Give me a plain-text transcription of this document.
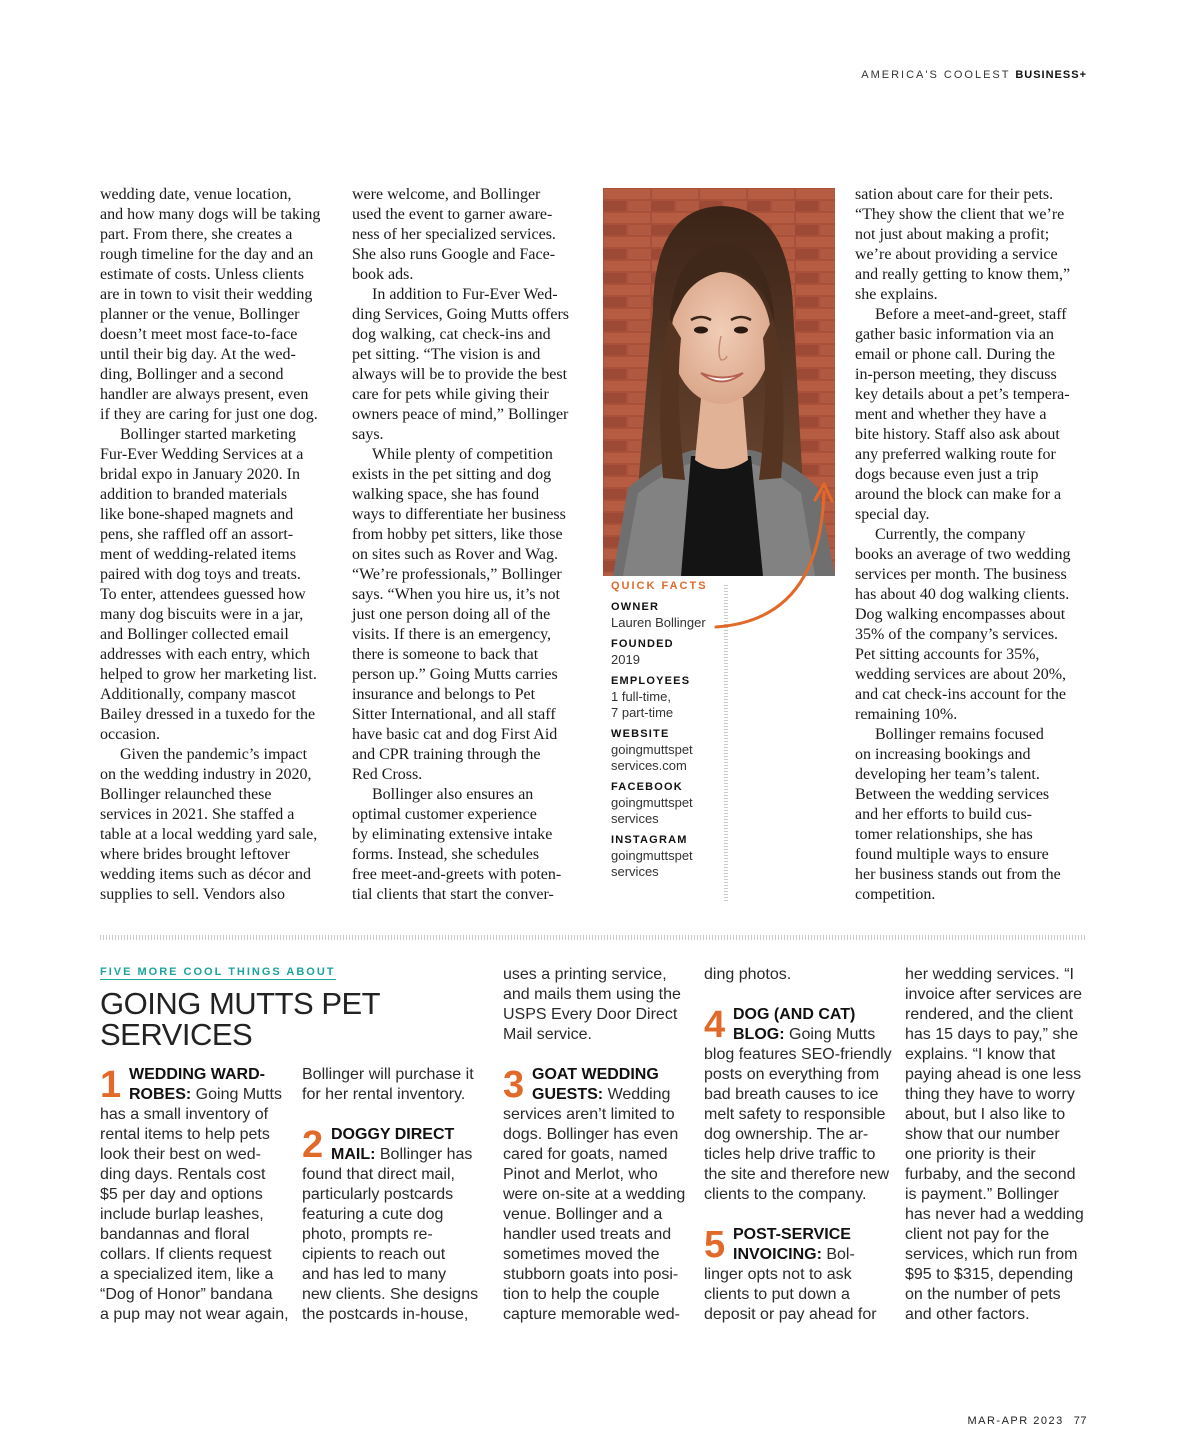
AMERICA'S COOLEST BUSINESS+

wedding date, venue location,
and how many dogs will be taking
part. From there, she creates a
rough timeline for the day and an
estimate of costs. Unless clients
are in town to visit their wedding
planner or the venue, Bollinger
doesn’t meet most face-to-face
until their big day. At the wed-
ding, Bollinger and a second
handler are always present, even
if they are caring for just one dog.

Bollinger started marketing
Fur-Ever Wedding Services at a
bridal expo in January 2020. In
addition to branded materials
like bone-shaped magnets and
pens, she raffled off an assort-
ment of wedding-related items
paired with dog toys and treats.
To enter, attendees guessed how
many dog biscuits were in a jar,
and Bollinger collected email
addresses with each entry, which
helped to grow her marketing list.
Additionally, company mascot
Bailey dressed in a tuxedo for the
occasion.

Given the pandemic’s impact
on the wedding industry in 2020,
Bollinger relaunched these
services in 2021. She staffed a
table at a local wedding yard sale,
where brides brought leftover
wedding items such as décor and
supplies to sell. Vendors also

were welcome, and Bollinger
used the event to garner aware-
ness of her specialized services.
She also runs Google and Face-
book ads.

In addition to Fur-Ever Wed-
ding Services, Going Mutts offers
dog walking, cat check-ins and
pet sitting. “The vision is and
always will be to provide the best
care for pets while giving their
owners peace of mind,” Bollinger
says.

While plenty of competition
exists in the pet sitting and dog
walking space, she has found
ways to differentiate her business
from hobby pet sitters, like those
on sites such as Rover and Wag.
“We’re professionals,” Bollinger
says. “When you hire us, it’s not
just one person doing all of the
visits. If there is an emergency,
there is someone to back that
person up.” Going Mutts carries
insurance and belongs to Pet
Sitter International, and all staff
have basic cat and dog First Aid
and CPR training through the
Red Cross.

Bollinger also ensures an
optimal customer experience
by eliminating extensive intake
forms. Instead, she schedules
free meet-and-greets with poten-
tial clients that start the conver-

QUICK FACTS
OWNER
Lauren Bollinger
FOUNDED
2019
EMPLOYEES
1 full-time,
7 part-time
WEBSITE
goingmuttspet
services.com
FACEBOOK
goingmuttspet
services
INSTAGRAM
goingmuttspet
services

sation about care for their pets.
“They show the client that we’re
not just about making a profit;
we’re about providing a service
and really getting to know them,”
she explains.

Before a meet-and-greet, staff
gather basic information via an
email or phone call. During the
in-person meeting, they discuss
key details about a pet’s tempera-
ment and whether they have a
bite history. Staff also ask about
any preferred walking route for
dogs because even just a trip
around the block can make for a
special day.

Currently, the company
books an average of two wedding
services per month. The business
has about 40 dog walking clients.
Dog walking encompasses about
35% of the company’s services.
Pet sitting accounts for 35%,
wedding services are about 20%,
and cat check-ins account for the
remaining 10%.

Bollinger remains focused
on increasing bookings and
developing her team’s talent.
Between the wedding services
and her efforts to build cus-
tomer relationships, she has
found multiple ways to ensure
her business stands out from the
competition.

FIVE MORE COOL THINGS ABOUT
GOING MUTTS PET SERVICES
1 WEDDING WARD-
ROBES: Going Mutts
has a small inventory of
rental items to help pets
look their best on wed-
ding days. Rentals cost
$5 per day and options
include burlap leashes,
bandannas and floral
collars. If clients request
a specialized item, like a
“Dog of Honor” bandana
a pup may not wear again,
Bollinger will purchase it
for her rental inventory.
2 DOGGY DIRECT
MAIL: Bollinger has
found that direct mail,
particularly postcards
featuring a cute dog
photo, prompts re-
cipients to reach out
and has led to many
new clients. She designs
the postcards in-house,
uses a printing service,
and mails them using the
USPS Every Door Direct
Mail service.
3 GOAT WEDDING
GUESTS: Wedding
services aren’t limited to
dogs. Bollinger has even
cared for goats, named
Pinot and Merlot, who
were on-site at a wedding
venue. Bollinger and a
handler used treats and
sometimes moved the
stubborn goats into posi-
tion to help the couple
capture memorable wed-
ding photos.
4 DOG (AND CAT)
BLOG: Going Mutts
blog features SEO-friendly
posts on everything from
bad breath causes to ice
melt safety to responsible
dog ownership. The ar-
ticles help drive traffic to
the site and therefore new
clients to the company.
5 POST-SERVICE
INVOICING: Bol-
linger opts not to ask
clients to put down a
deposit or pay ahead for
her wedding services. “I
invoice after services are
rendered, and the client
has 15 days to pay,” she
explains. “I know that
paying ahead is one less
thing they have to worry
about, but I also like to
show that our number
one priority is their
furbaby, and the second
is payment.” Bollinger
has never had a wedding
client not pay for the
services, which run from
$95 to $315, depending
on the number of pets
and other factors.
MAR-APR 2023 77
